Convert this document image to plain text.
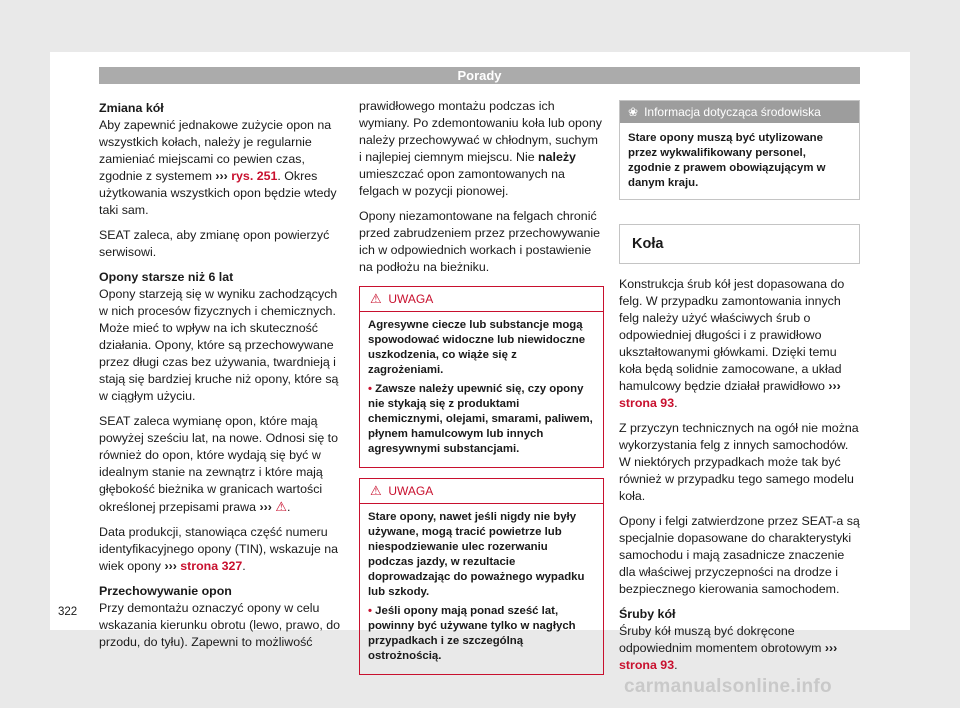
Porady

Zmiana kół

Aby zapewnić jednakowe zużycie opon na wszystkich kołach, należy je regularnie zamieniać miejscami co pewien czas, zgodnie z systemem ››› rys. 251. Okres użytkowania wszystkich opon będzie wtedy taki sam.

SEAT zaleca, aby zmianę opon powierzyć serwisowi.

Opony starsze niż 6 lat

Opony starzeją się w wyniku zachodzących w nich procesów fizycznych i chemicznych. Może mieć to wpływ na ich skuteczność działania. Opony, które są przechowywane przez długi czas bez używania, twardnieją i stają się bardziej kruche niż opony, które są w ciągłym użyciu.

SEAT zaleca wymianę opon, które mają powyżej sześciu lat, na nowe. Odnosi się to również do opon, które wydają się być w idealnym stanie na zewnątrz i które mają głębokość bieżnika w granicach wartości określonej przepisami prawa ››› ⚠.

Data produkcji, stanowiąca część numeru identyfikacyjnego opony (TIN), wskazuje na wiek opony ››› strona 327.

Przechowywanie opon

Przy demontażu oznaczyć opony w celu wskazania kierunku obrotu (lewo, prawo, do przodu, do tyłu). Zapewni to możliwość

prawidłowego montażu podczas ich wymiany. Po zdemontowaniu koła lub opony należy przechowywać w chłodnym, suchym i najlepiej ciemnym miejscu. Nie należy umieszczać opon zamontowanych na felgach w pozycji pionowej.

Opony niezamontowane na felgach chronić przed zabrudzeniem przez przechowywanie ich w odpowiednich workach i postawienie na podłożu na bieżniku.

⚠ UWAGA

Agresywne ciecze lub substancje mogą spowodować widoczne lub niewidoczne uszkodzenia, co wiąże się z zagrożeniami.

• Zawsze należy upewnić się, czy opony nie stykają się z produktami chemicznymi, olejami, smarami, paliwem, płynem hamulcowym lub innych agresywnymi substancjami.

⚠ UWAGA

Stare opony, nawet jeśli nigdy nie były używane, mogą tracić powietrze lub niespodziewanie ulec rozerwaniu podczas jazdy, w rezultacie doprowadzając do poważnego wypadku lub szkody.

• Jeśli opony mają ponad sześć lat, powinny być używane tylko w nagłych przypadkach i ze szczególną ostrożnością.

❀ Informacja dotycząca środowiska
Stare opony muszą być utylizowane przez wykwalifikowany personel, zgodnie z prawem obowiązującym w danym kraju.
Koła

Konstrukcja śrub kół jest dopasowana do felg. W przypadku zamontowania innych felg należy użyć właściwych śrub o odpowiedniej długości i z prawidłowo ukształtowanymi główkami. Dzięki temu koła będą solidnie zamocowane, a układ hamulcowy będzie działał prawidłowo ››› strona 93.

Z przyczyn technicznych na ogół nie można wykorzystania felg z innych samochodów. W niektórych przypadkach może tak być również w przypadku tego samego modelu koła.

Opony i felgi zatwierdzone przez SEAT-a są specjalnie dopasowane do charakterystyki samochodu i mają zasadnicze znaczenie dla właściwej przyczepności na drodze i bezpiecznego kierowania samochodem.

Śruby kół

Śruby kół muszą być dokręcone odpowiednim momentem obrotowym ››› strona 93.

322
carmanualsonline.info
